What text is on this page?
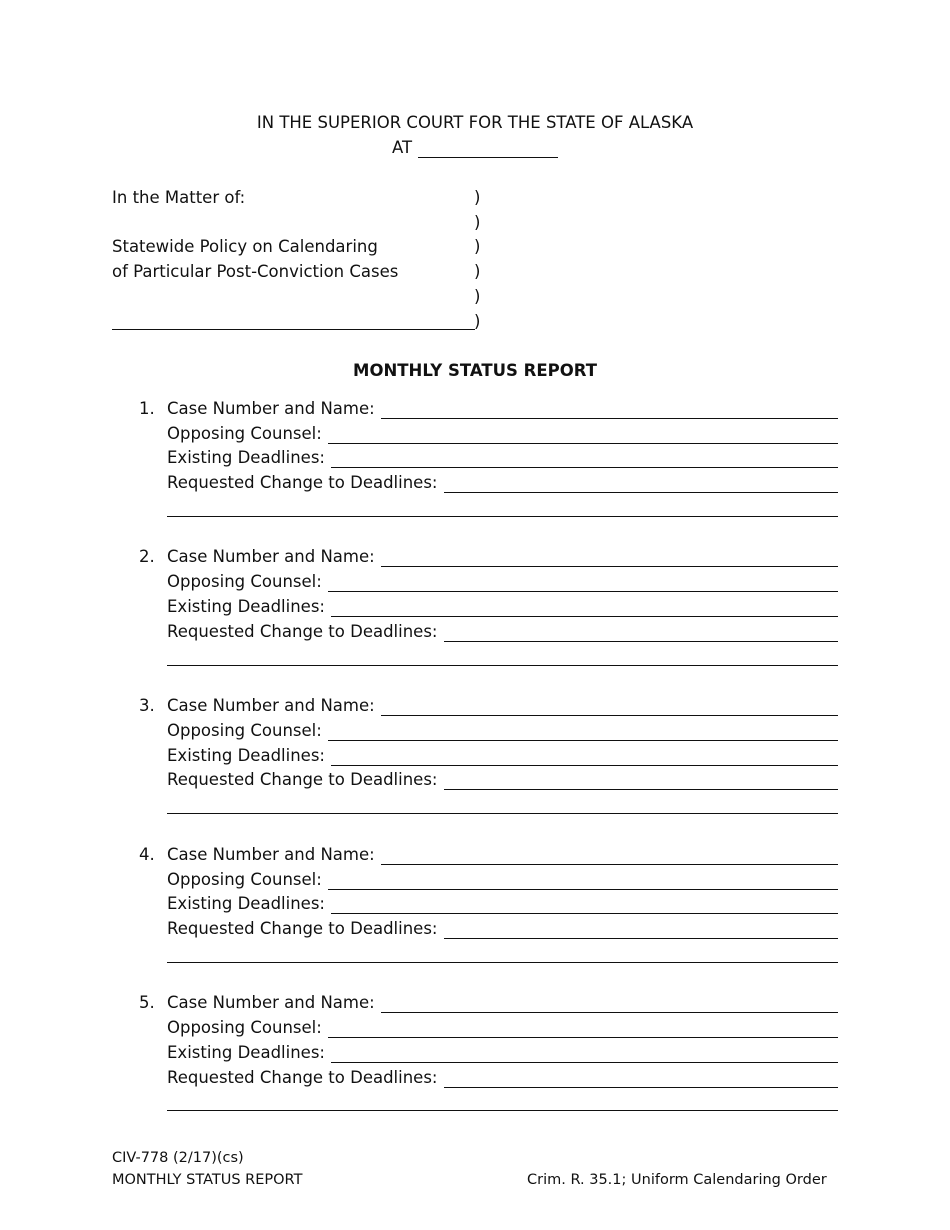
IN THE SUPERIOR COURT FOR THE STATE OF ALASKA
AT
In the Matter of:
Statewide Policy on Calendaring
of Particular Post-Conviction Cases
)
)
)
)
)
)
MONTHLY STATUS REPORT
1. Case Number and Name:
Opposing Counsel:
Existing Deadlines:
Requested Change to Deadlines:
2. Case Number and Name:
Opposing Counsel:
Existing Deadlines:
Requested Change to Deadlines:
3. Case Number and Name:
Opposing Counsel:
Existing Deadlines:
Requested Change to Deadlines:
4. Case Number and Name:
Opposing Counsel:
Existing Deadlines:
Requested Change to Deadlines:
5. Case Number and Name:
Opposing Counsel:
Existing Deadlines:
Requested Change to Deadlines:
CIV-778 (2/17)(cs)
MONTHLY STATUS REPORT	Crim. R. 35.1; Uniform Calendaring Order
